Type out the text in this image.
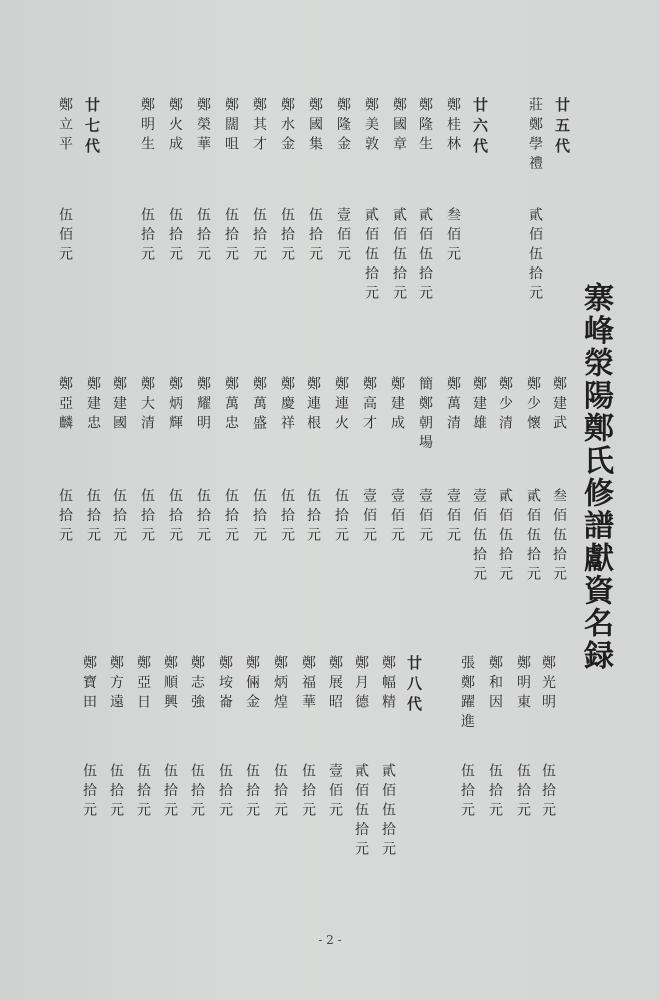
寨峰滎陽鄭氏修譜獻資名録
廿五代
莊鄭學禮
貳佰伍拾元
廿六代
鄭桂林
叁佰元
鄭隆生
貳佰伍拾元
鄭國章
貳佰伍拾元
鄭美敦
貳佰伍拾元
鄭隆金
壹佰元
鄭國集
伍拾元
鄭水金
伍拾元
鄭其才
伍拾元
鄭闊咀
伍拾元
鄭榮華
伍拾元
鄭火成
伍拾元
鄭明生
伍拾元
廿七代
鄭立平
伍佰元
鄭建武
叁佰伍拾元
鄭少懷
貳佰伍拾元
鄭少清
貳佰伍拾元
鄭建雄
壹佰伍拾元
鄭萬清
壹佰元
簡鄭朝場
壹佰元
鄭建成
壹佰元
鄭高才
壹佰元
鄭連火
伍拾元
鄭連根
伍拾元
鄭慶祥
伍拾元
鄭萬盛
伍拾元
鄭萬忠
伍拾元
鄭耀明
伍拾元
鄭炳輝
伍拾元
鄭大清
伍拾元
鄭建國
伍拾元
鄭建忠
伍拾元
鄭亞麟
伍拾元
鄭光明
伍拾元
鄭明東
伍拾元
鄭和因
伍拾元
張鄭躍進
伍拾元
廿八代
鄭幅精
貳佰伍拾元
鄭月德
貳佰伍拾元
鄭展昭
壹佰元
鄭福華
伍拾元
鄭炳煌
伍拾元
鄭倆金
伍拾元
鄭垵崙
伍拾元
鄭志強
伍拾元
鄭順興
伍拾元
鄭亞日
伍拾元
鄭方遠
伍拾元
鄭寶田
伍拾元
- 2 -
